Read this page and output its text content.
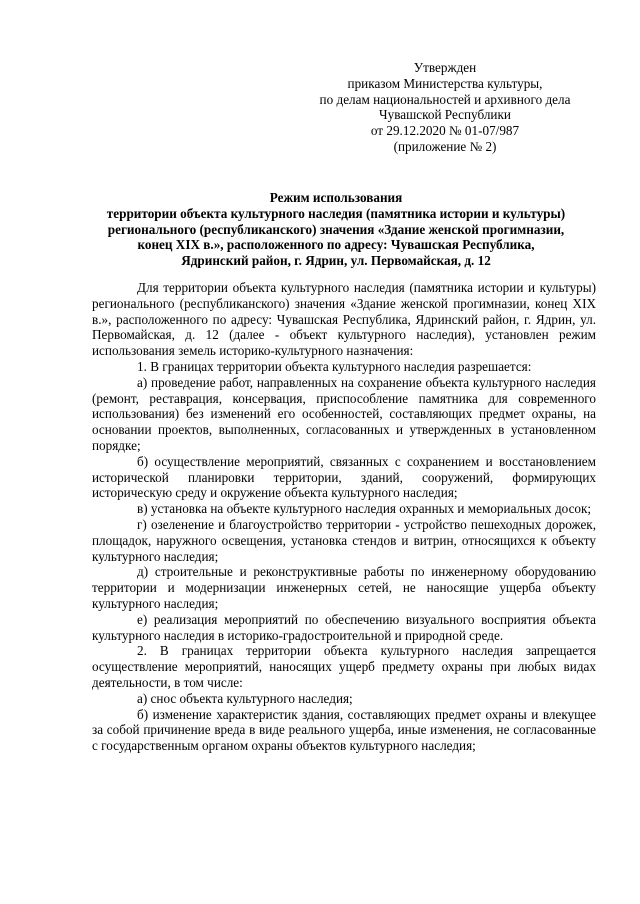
Утвержден
приказом Министерства культуры,
по делам национальностей и архивного дела
Чувашской Республики
от 29.12.2020 № 01-07/987
(приложение № 2)
Режим использования
территории объекта культурного наследия (памятника истории и культуры)
регионального (республиканского) значения «Здание женской прогимназии,
конец XIX в.», расположенного по адресу: Чувашская Республика,
Ядринский район, г. Ядрин, ул. Первомайская, д. 12

Для территории объекта культурного наследия (памятника истории и культуры) регионального (республиканского) значения «Здание женской прогимназии, конец XIX в.», расположенного по адресу: Чувашская Республика, Ядринский район, г. Ядрин, ул. Первомайская, д. 12 (далее - объект культурного наследия), установлен режим использования земель историко-культурного назначения:

1. В границах территории объекта культурного наследия разрешается:

а) проведение работ, направленных на сохранение объекта культурного наследия (ремонт, реставрация, консервация, приспособление памятника для современного использования) без изменений его особенностей, составляющих предмет охраны, на основании проектов, выполненных, согласованных и утвержденных в установленном порядке;

б) осуществление мероприятий, связанных с сохранением и восстановлением исторической планировки территории, зданий, сооружений, формирующих историческую среду и окружение объекта культурного наследия;

в) установка на объекте культурного наследия охранных и мемориальных досок;

г) озеленение и благоустройство территории - устройство пешеходных дорожек, площадок, наружного освещения, установка стендов и витрин, относящихся к объекту культурного наследия;

д) строительные и реконструктивные работы по инженерному оборудованию территории и модернизации инженерных сетей, не наносящие ущерба объекту культурного наследия;

е) реализация мероприятий по обеспечению визуального восприятия объекта культурного наследия в историко-градостроительной и природной среде.

2. В границах территории объекта культурного наследия запрещается осуществление мероприятий, наносящих ущерб предмету охраны при любых видах деятельности, в том числе:

а) снос объекта культурного наследия;

б) изменение характеристик здания, составляющих предмет охраны и влекущее за собой причинение вреда в виде реального ущерба, иные изменения, не согласованные с государственным органом охраны объектов культурного наследия;
